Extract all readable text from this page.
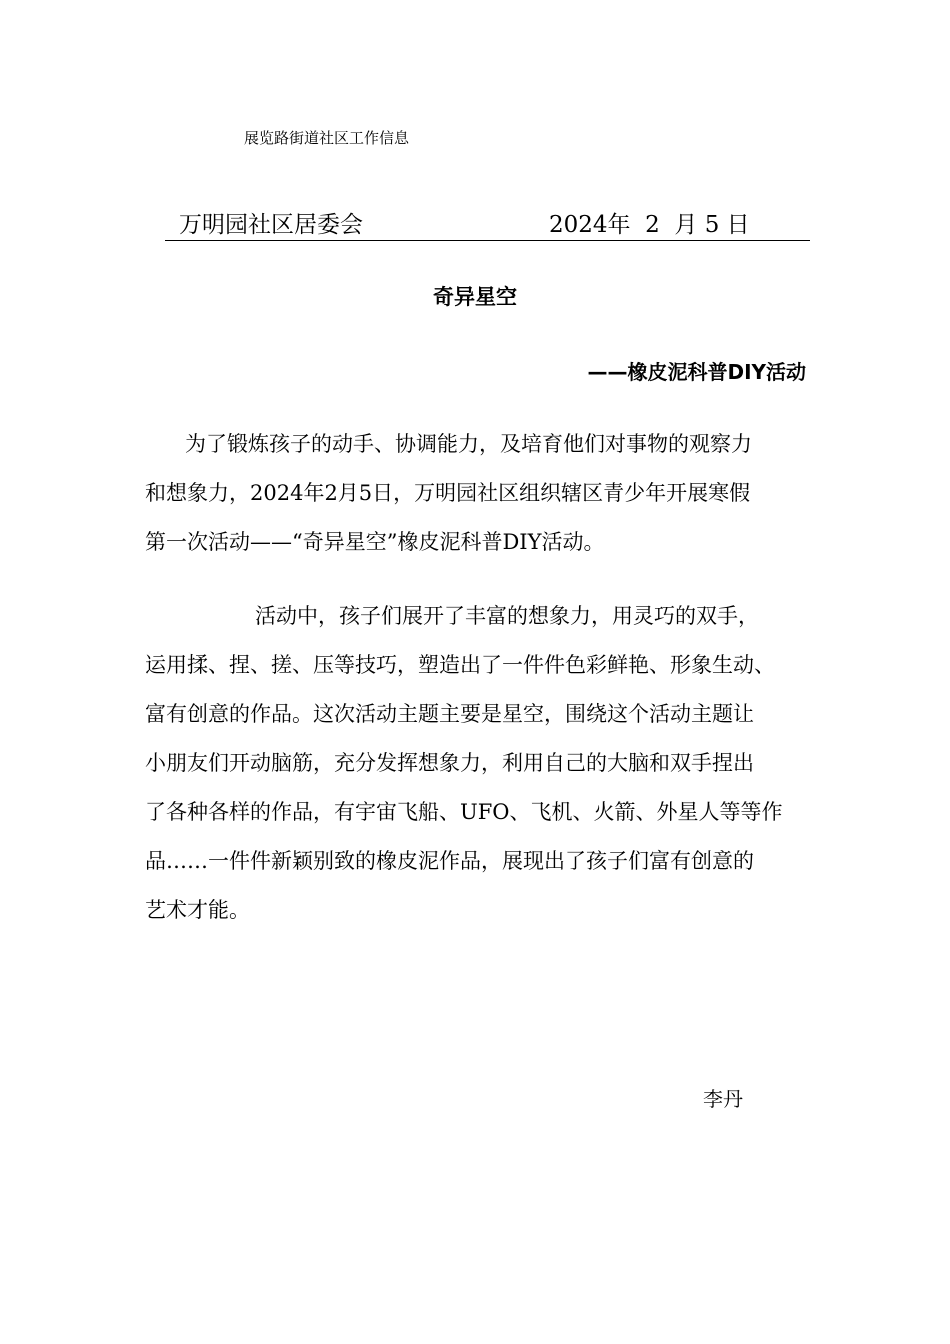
展览路街道社区工作信息
万明园社区居委会	2024年  2  月 5 日
奇异星空
——橡皮泥科普DIY活动

为了锻炼孩子的动手、协调能力，及培育他们对事物的观察力
和想象力，2024年2月5日，万明园社区组织辖区青少年开展寒假
第一次活动——“奇异星空”橡皮泥科普DIY活动。

活动中，孩子们展开了丰富的想象力，用灵巧的双手，
运用揉、捏、搓、压等技巧，塑造出了一件件色彩鲜艳、形象生动、
富有创意的作品。这次活动主题主要是星空，围绕这个活动主题让
小朋友们开动脑筋，充分发挥想象力，利用自己的大脑和双手捏出
了各种各样的作品，有宇宙飞船、UFO、飞机、火箭、外星人等等作
品……一件件新颖别致的橡皮泥作品，展现出了孩子们富有创意的
艺术才能。

李丹
